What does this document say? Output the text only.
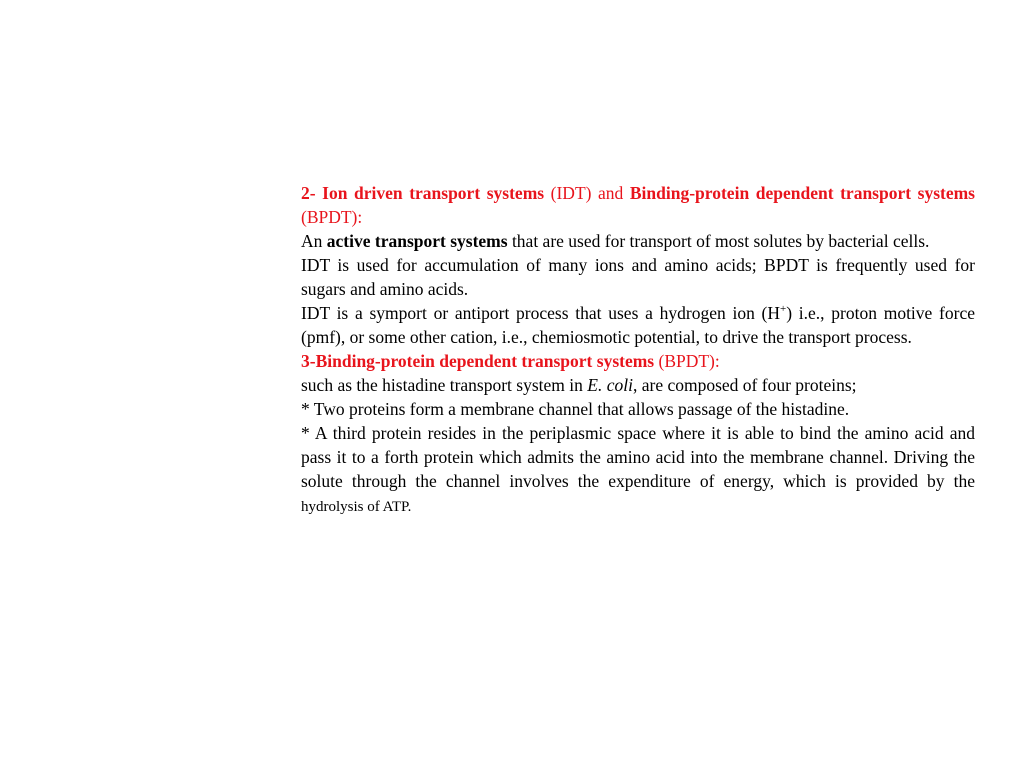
2- Ion driven transport systems (IDT) and Binding-protein dependent transport systems (BPDT):

An active transport systems that are used for transport of most solutes by bacterial cells.

IDT is used for accumulation of many ions and amino acids; BPDT is frequently used for sugars and amino acids.

IDT is a symport or antiport process that uses a hydrogen ion (H+) i.e., proton motive force (pmf), or some other cation, i.e., chemiosmotic potential, to drive the transport process.

3-Binding-protein dependent transport systems (BPDT):

such as the histadine transport system in E. coli, are composed of four proteins;

* Two proteins form a membrane channel that allows passage of the histadine.

* A third protein resides in the periplasmic space where it is able to bind the amino acid and pass it to a forth protein which admits the amino acid into the membrane channel. Driving the solute through the channel involves the expenditure of energy, which is provided by the hydrolysis of ATP.
